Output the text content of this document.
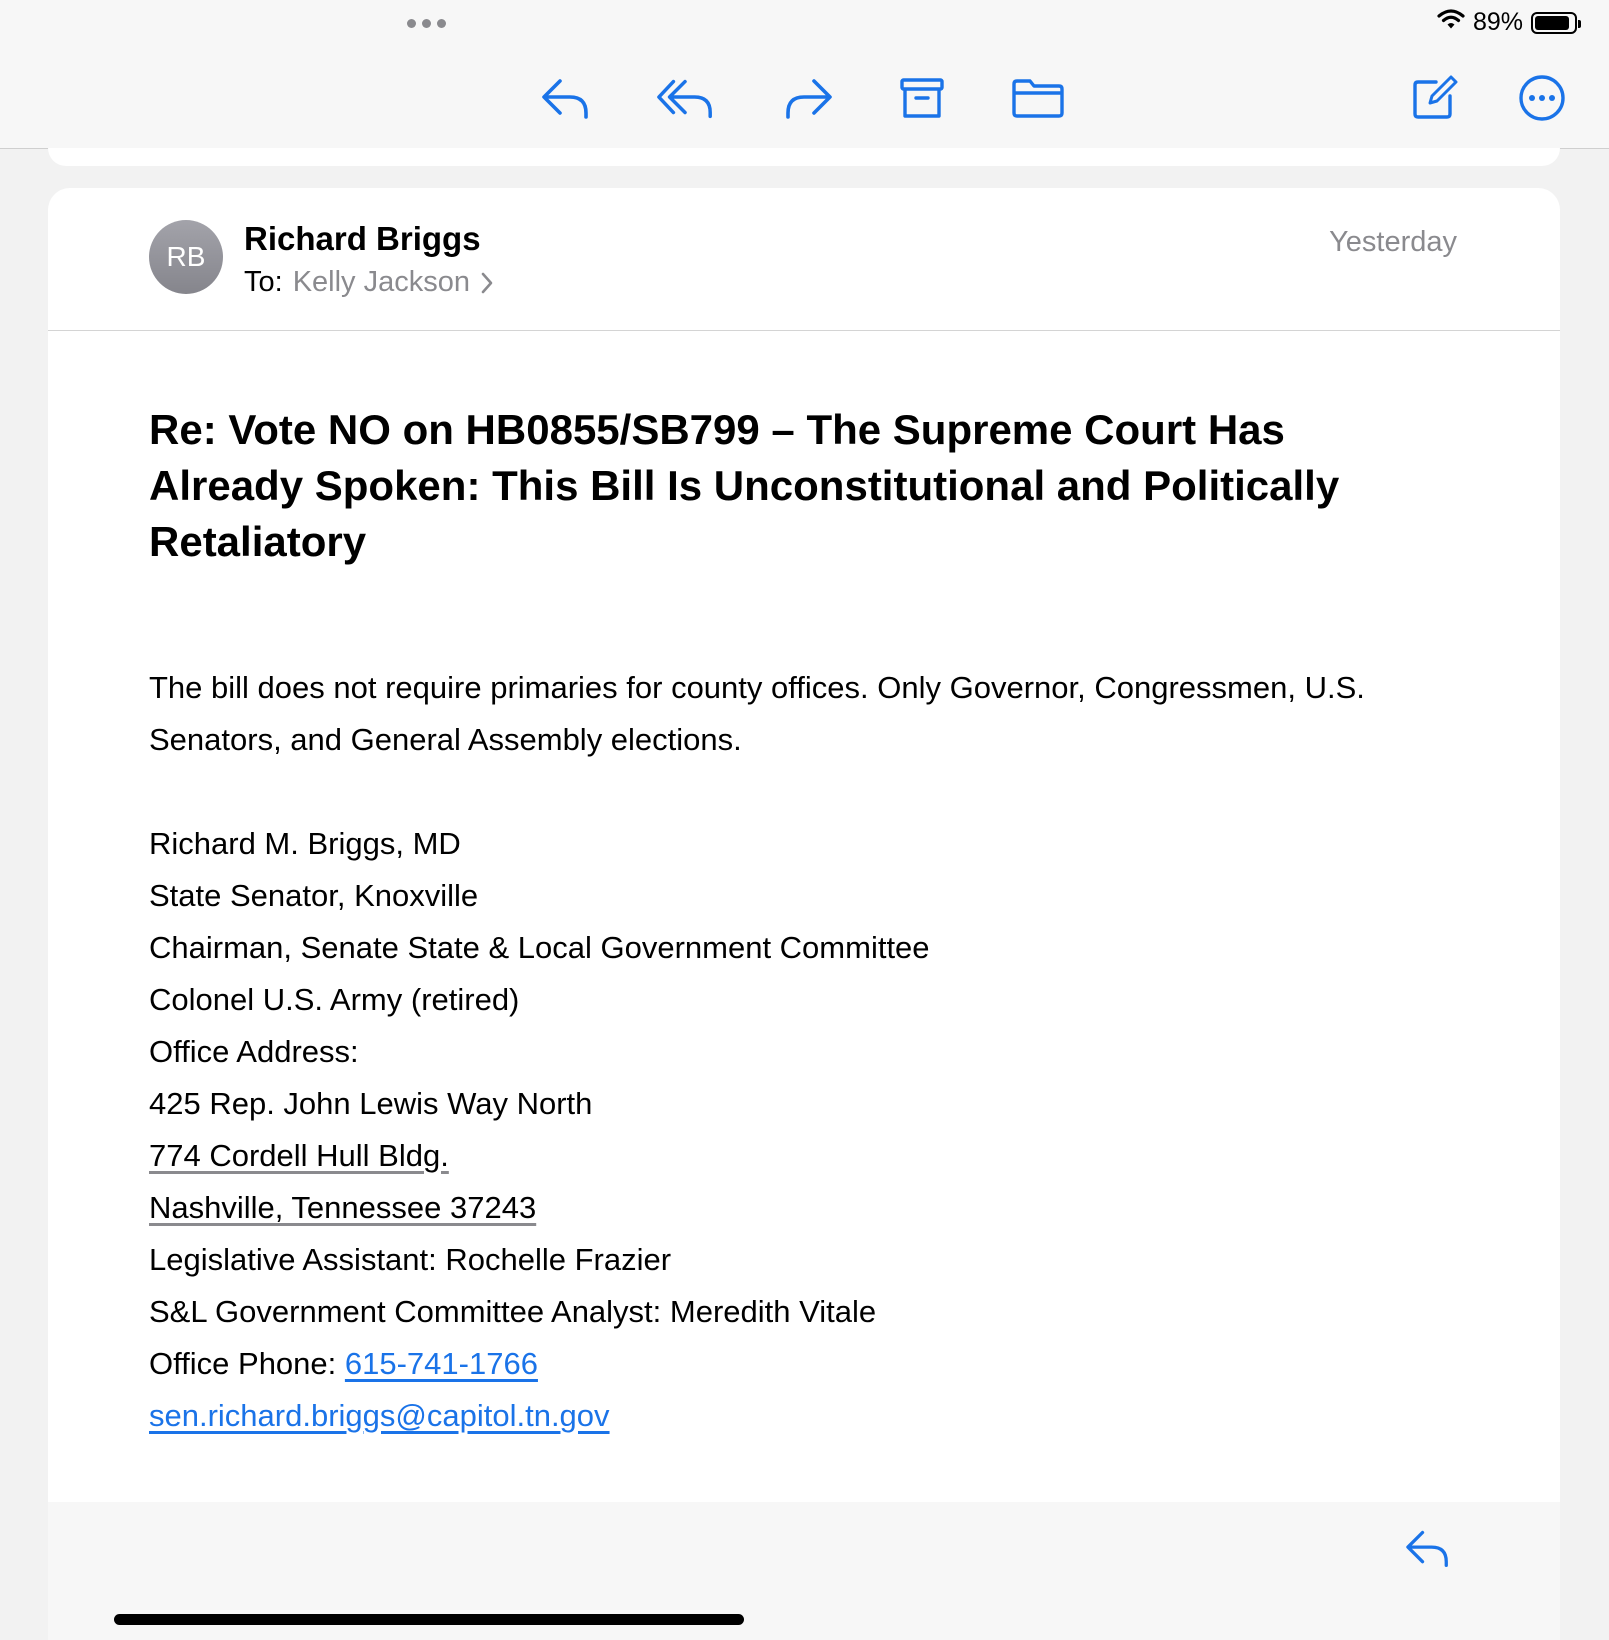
89%
RB	Richard Briggs
To: Kelly Jackson
Yesterday
Re: Vote NO on HB0855/SB799 – The Supreme Court Has Already Spoken: This Bill Is Unconstitutional and Politically Retaliatory
The bill does not require primaries for county offices. Only Governor, Congressmen, U.S. Senators, and General Assembly elections.
Richard M. Briggs, MD
State Senator, Knoxville
Chairman, Senate State & Local Government Committee
Colonel U.S. Army (retired)
Office Address:
425 Rep. John Lewis Way North
774 Cordell Hull Bldg.
Nashville, Tennessee 37243
Legislative Assistant: Rochelle Frazier
S&L Government Committee Analyst: Meredith Vitale
Office Phone: 615-741-1766
sen.richard.briggs@capitol.tn.gov
